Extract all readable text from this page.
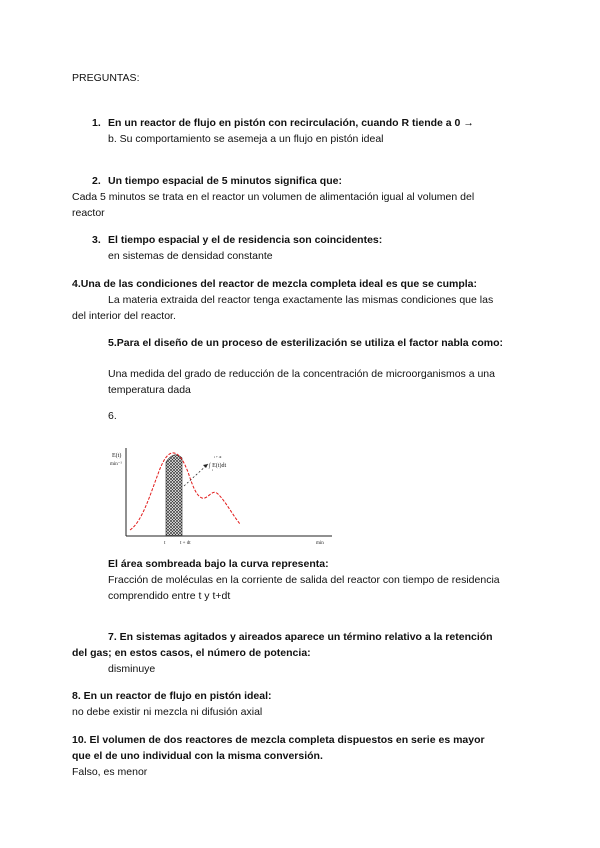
PREGUNTAS:
1. En un reactor de flujo en pistón con recirculación, cuando R tiende a 0 →
b. Su comportamiento se asemeja a un flujo en pistón ideal
2. Un tiempo espacial de 5 minutos significa que:
Cada 5 minutos se trata en el reactor un volumen de alimentación igual al volumen del
reactor
3. El tiempo espacial y el de residencia son coincidentes:
en sistemas de densidad constante
4.Una de las condiciones del reactor de mezcla completa ideal es que se cumpla:
La materia extraida del reactor tenga exactamente las mismas condiciones que las
del interior del reactor.
5.Para el diseño de un proceso de esterilización se utiliza el factor nabla como:
Una medida del grado de reducción de la concentración de microorganismos a una
temperatura dada
6.
E(t)
min⁻¹	∫ E(t)dt
t + dt
t
t	t + dt	min
El área sombreada bajo la curva representa:
Fracción de moléculas en la corriente de salida del reactor con tiempo de residencia
comprendido entre t y t+dt
7. En sistemas agitados y aireados aparece un término relativo a la retención
del gas; en estos casos, el número de potencia:
disminuye
8. En un reactor de flujo en pistón ideal:
no debe existir ni mezcla ni difusión axial
10. El volumen de dos reactores de mezcla completa dispuestos en serie es mayor
que el de uno individual con la misma conversión.
Falso, es menor
